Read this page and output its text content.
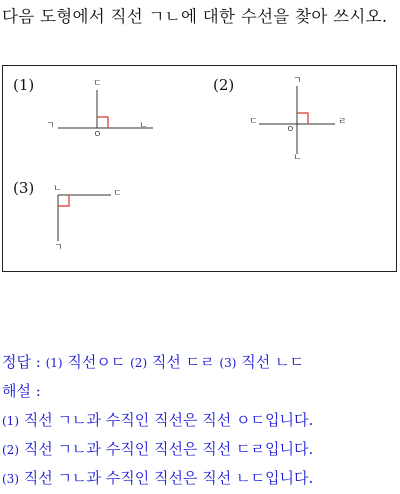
다음 도형에서 직선 ㄱㄴ에 대한 수선을 찾아 쓰시오.
(1)	ㄷ
ㄱ	ㄴ
ㅇ
(2)	ㄱ
ㄷ	ㄹ
ㄴ
ㅇ
(3) ㄴ	ㄷ
ㄱ
정답 : (1) 직선ㅇㄷ (2) 직선 ㄷㄹ (3) 직선 ㄴㄷ
해설 :
(1) 직선 ㄱㄴ과 수직인 직선은 직선 ㅇㄷ입니다.
(2) 직선 ㄱㄴ과 수직인 직선은 직선 ㄷㄹ입니다.
(3) 직선 ㄱㄴ과 수직인 직선은 직선 ㄴㄷ입니다.
